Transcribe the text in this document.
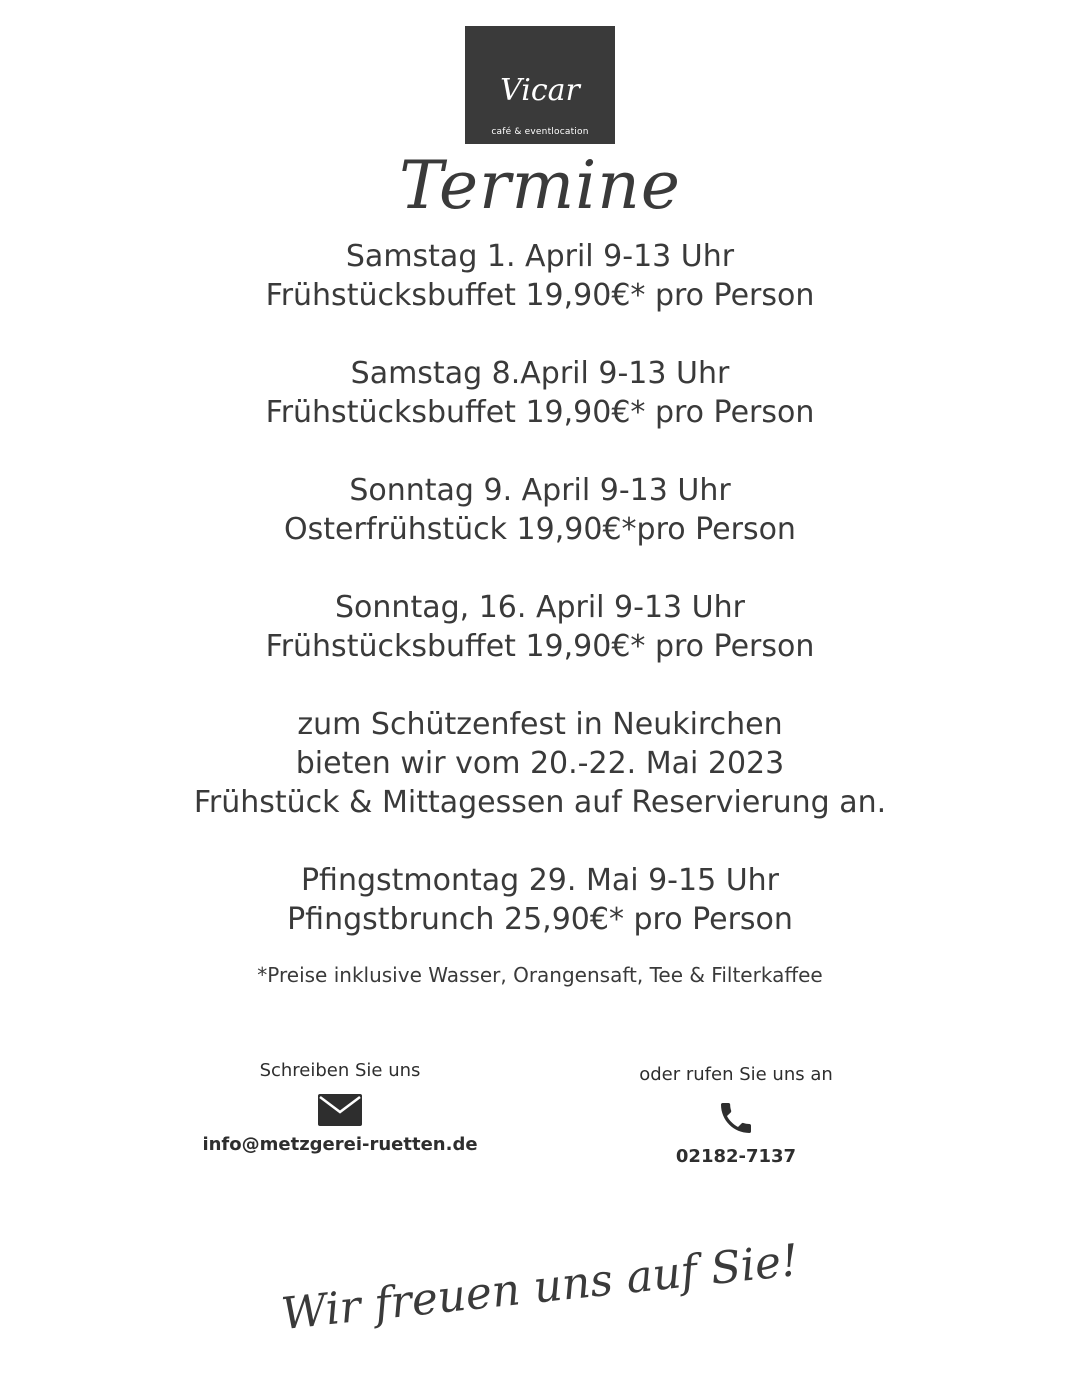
Vicar
café & eventlocation
Termine
Samstag 1. April 9-13 Uhr
Frühstücksbuffet 19,90€* pro Person
Samstag 8.April 9-13 Uhr
Frühstücksbuffet 19,90€* pro Person
Sonntag 9. April 9-13 Uhr
Osterfrühstück 19,90€*pro Person
Sonntag, 16. April 9-13 Uhr
Frühstücksbuffet 19,90€* pro Person
zum Schützenfest in Neukirchen
bieten wir vom 20.-22. Mai 2023
Frühstück & Mittagessen auf Reservierung an.
Pfingstmontag 29. Mai 9-15 Uhr
Pfingstbrunch 25,90€* pro Person
*Preise inklusive Wasser, Orangensaft, Tee & Filterkaffee
Schreiben Sie uns
info@metzgerei-ruetten.de
oder rufen Sie uns an
02182-7137
Wir freuen uns auf Sie!
